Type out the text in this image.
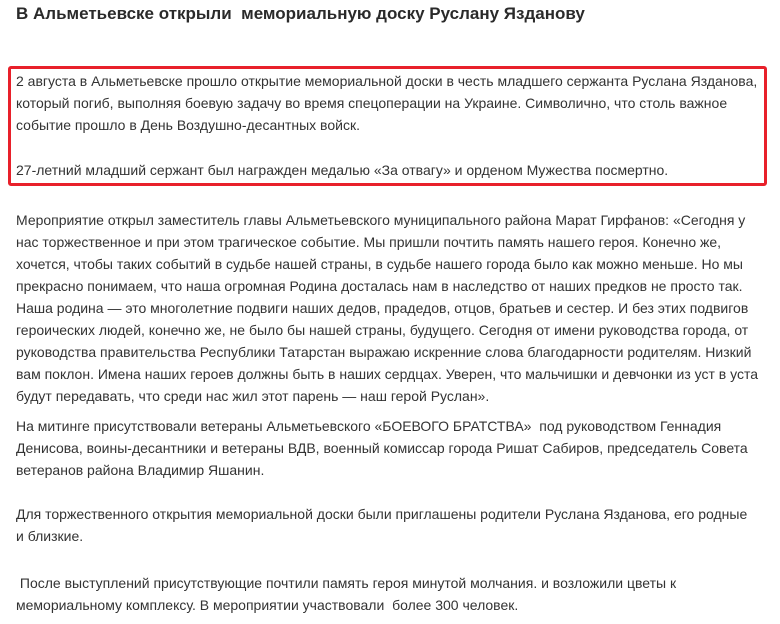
В Альметьевске открыли  мемориальную доску Руслану Язданову

2 августа в Альметьевске прошло открытие мемориальной доски в честь младшего сержанта Руслана Язданова,
который погиб, выполняя боевую задачу во время спецоперации на Украине. Символично, что столь важное
событие прошло в День Воздушно-десантных войск.

27-летний младший сержант был награжден медалью «За отвагу» и орденом Мужества посмертно.

Мероприятие открыл заместитель главы Альметьевского муниципального района Марат Гирфанов: «Сегодня у
нас торжественное и при этом трагическое событие. Мы пришли почтить память нашего героя. Конечно же,
хочется, чтобы таких событий в судьбе нашей страны, в судьбе нашего города было как можно меньше. Но мы
прекрасно понимаем, что наша огромная Родина досталась нам в наследство от наших предков не просто так.
Наша родина — это многолетние подвиги наших дедов, прадедов, отцов, братьев и сестер. И без этих подвигов
героических людей, конечно же, не было бы нашей страны, будущего. Сегодня от имени руководства города, от
руководства правительства Республики Татарстан выражаю искренние слова благодарности родителям. Низкий
вам поклон. Имена наших героев должны быть в наших сердцах. Уверен, что мальчишки и девчонки из уст в уста
будут передавать, что среди нас жил этот парень — наш герой Руслан».

На митинге присутствовали ветераны Альметьевского «БОЕВОГО БРАТСТВА»  под руководством Геннадия
Денисова, воины-десантники и ветераны ВДВ, военный комиссар города Ришат Сабиров, председатель Совета
ветеранов района Владимир Яшанин.

Для торжественного открытия мемориальной доски были приглашены родители Руслана Язданова, его родные
и близкие.

После выступлений присутствующие почтили память героя минутой молчания. и возложили цветы к
мемориальному комплексу. В мероприятии участвовали  более 300 человек.
